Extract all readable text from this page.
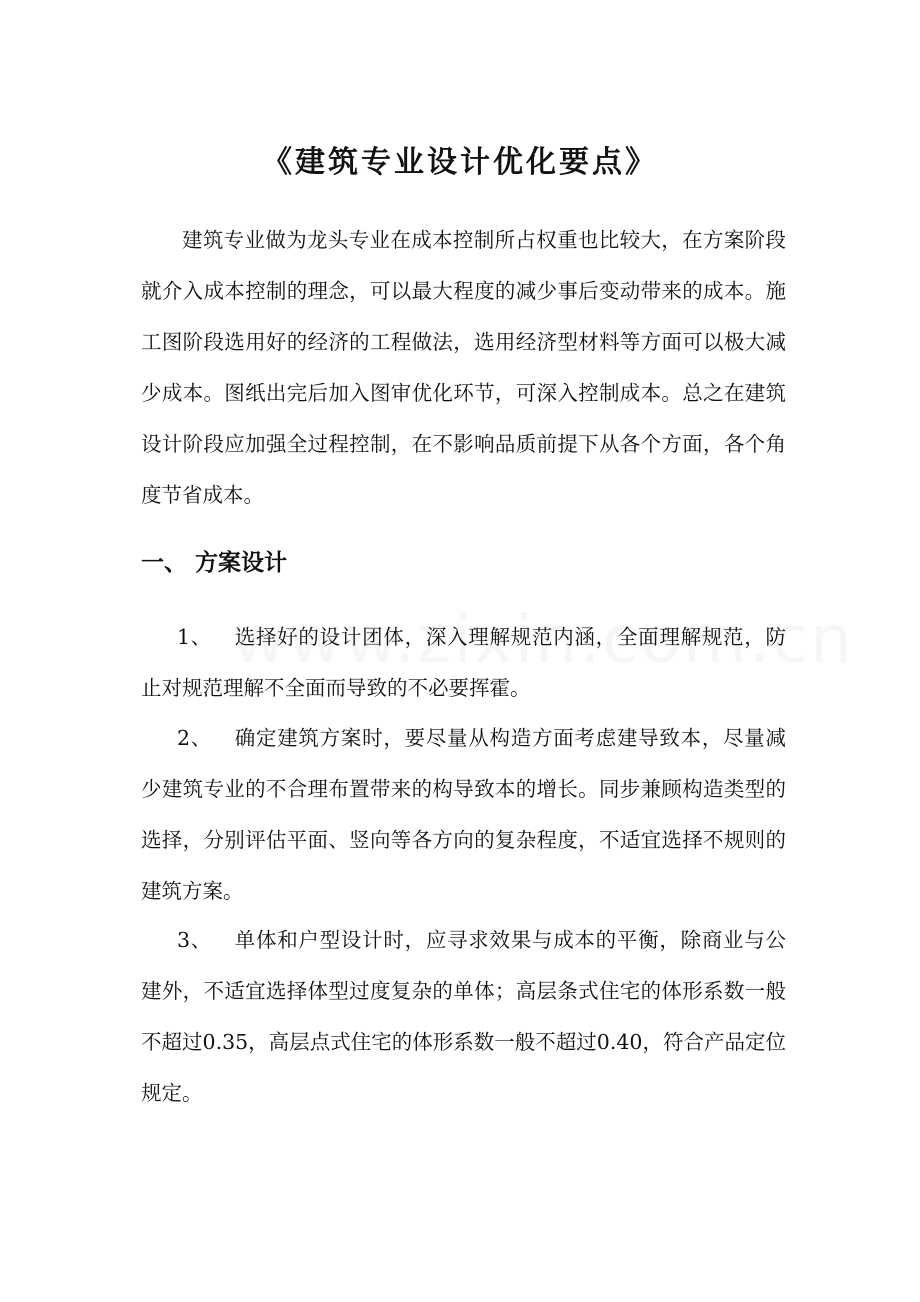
《建筑专业设计优化要点》

建筑专业做为龙头专业在成本控制所占权重也比较大，在方案阶段就介入成本控制的理念，可以最大程度的减少事后变动带来的成本。施工图阶段选用好的经济的工程做法，选用经济型材料等方面可以极大减少成本。图纸出完后加入图审优化环节，可深入控制成本。总之在建筑设计阶段应加强全过程控制，在不影响品质前提下从各个方面，各个角度节省成本。

一、 方案设计

1、 选择好的设计团体，深入理解规范内涵，全面理解规范，防止对规范理解不全面而导致的不必要挥霍。

2、 确定建筑方案时，要尽量从构造方面考虑建导致本，尽量减少建筑专业的不合理布置带来的构导致本的增长。同步兼顾构造类型的选择，分别评估平面、竖向等各方向的复杂程度，不适宜选择不规则的建筑方案。

3、 单体和户型设计时，应寻求效果与成本的平衡，除商业与公建外，不适宜选择体型过度复杂的单体；高层条式住宅的体形系数一般不超过0.35，高层点式住宅的体形系数一般不超过0.40，符合产品定位规定。
